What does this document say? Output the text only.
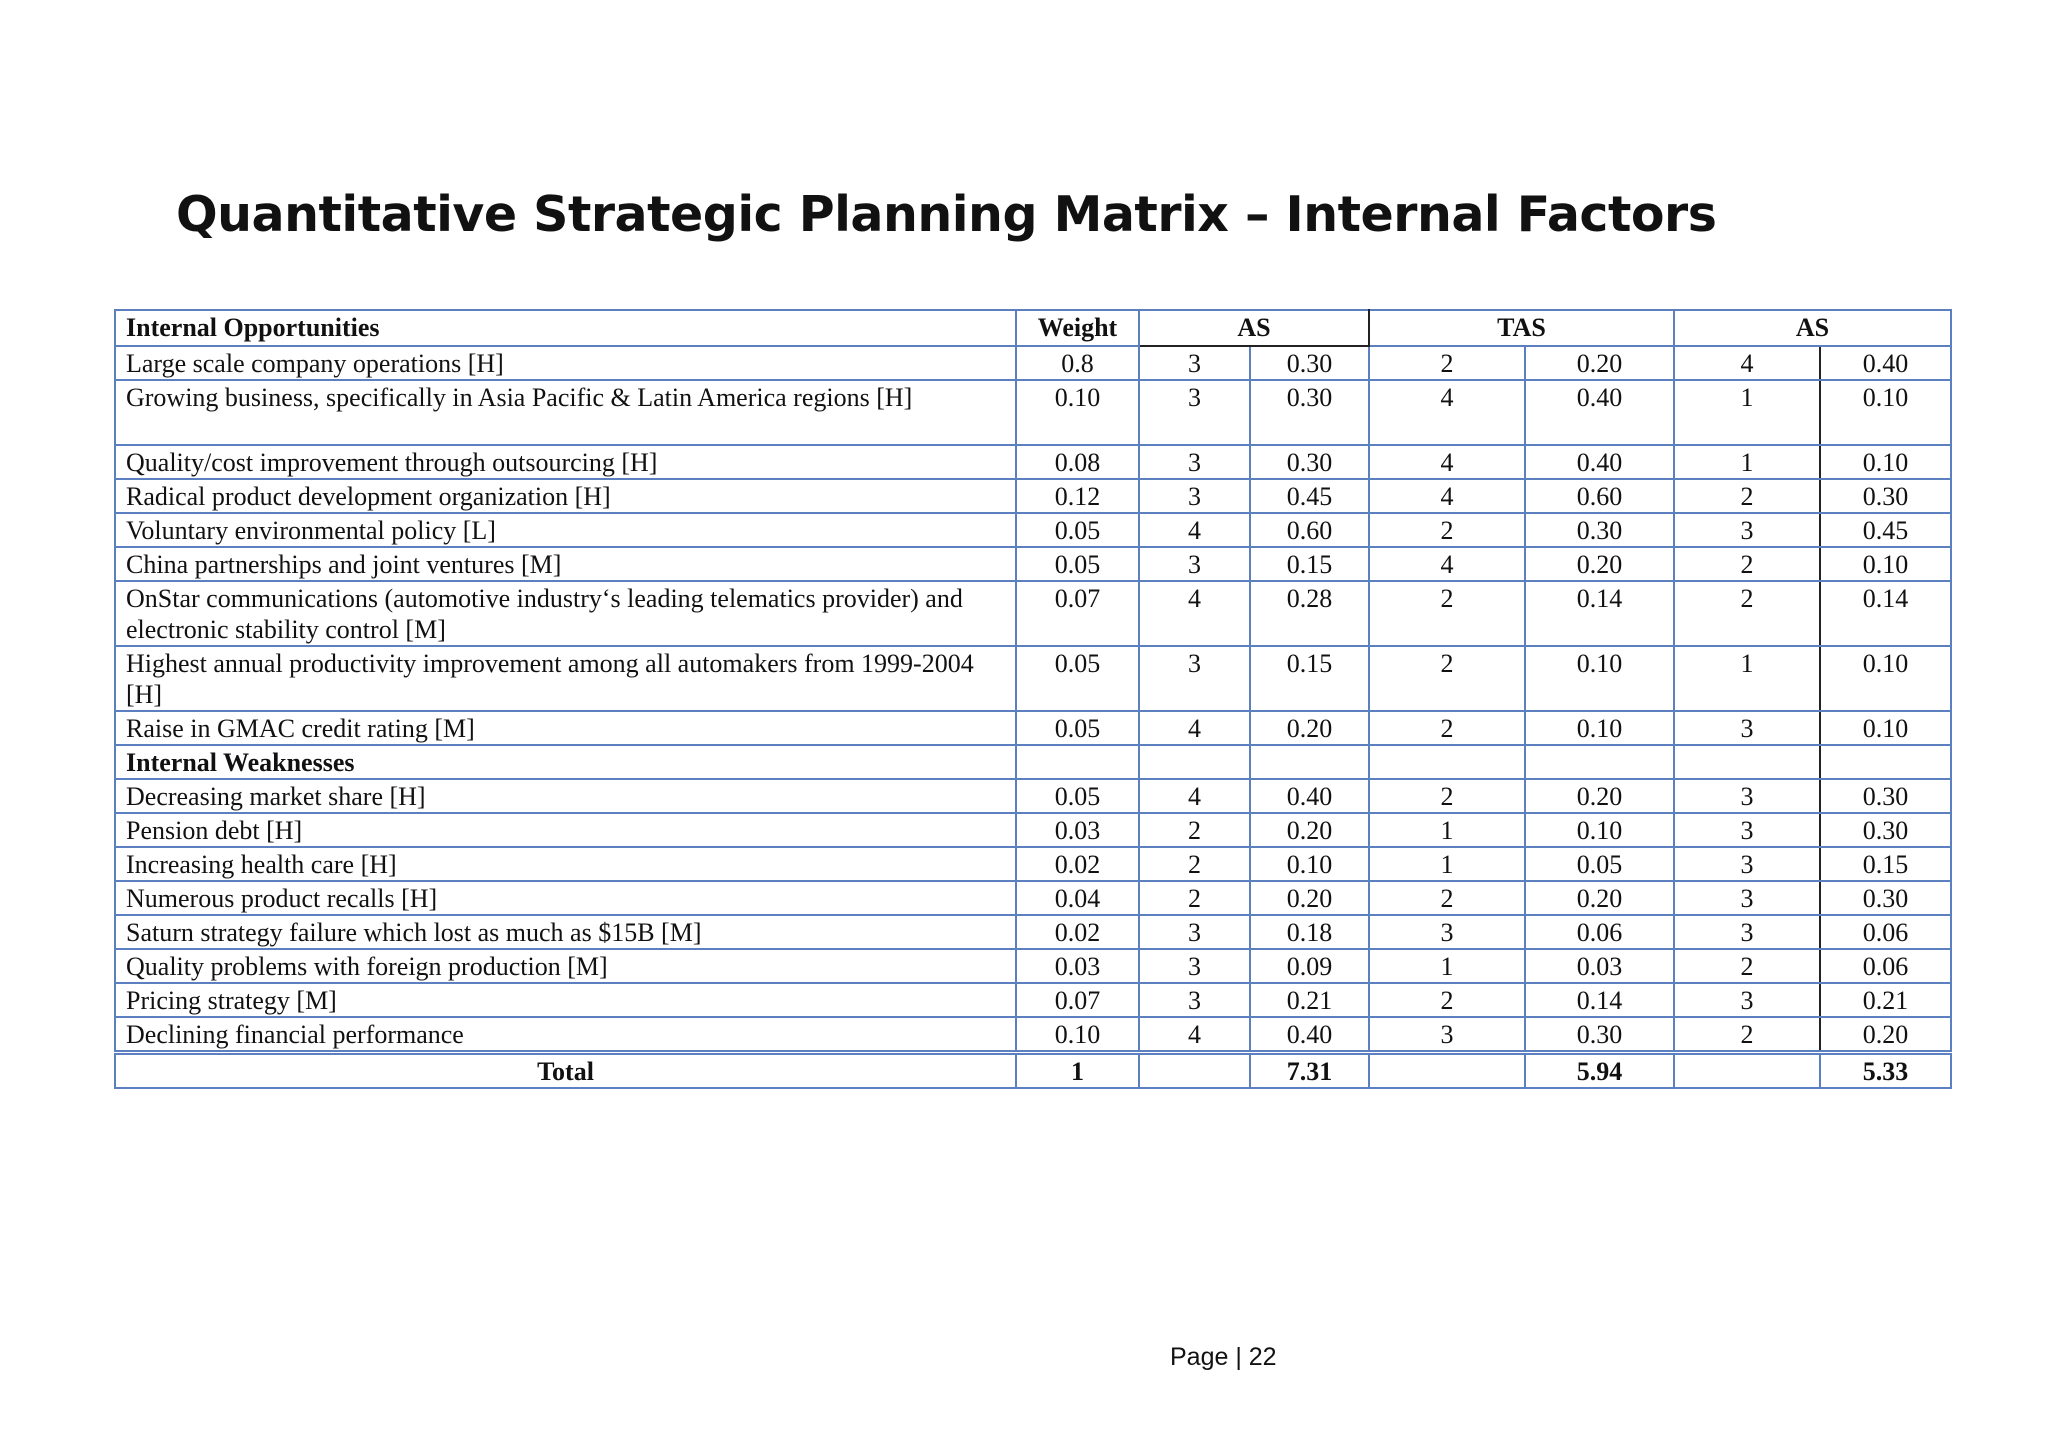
Quantitative Strategic Planning Matrix – Internal Factors
Internal Opportunities	Weight	AS		TAS		AS	
Large scale company operations [H]	0.8	3	0.30	2	0.20	4	0.40
Growing business, specifically in Asia Pacific & Latin America regions [H]	0.10	3	0.30	4	0.40	1	0.10
Quality/cost improvement through outsourcing [H]	0.08	3	0.30	4	0.40	1	0.10
Radical product development organization [H]	0.12	3	0.45	4	0.60	2	0.30
Voluntary environmental policy [L]	0.05	4	0.60	2	0.30	3	0.45
China partnerships and joint ventures [M]	0.05	3	0.15	4	0.20	2	0.10
OnStar communications (automotive industry‘s leading telematics provider) and electronic stability control [M]	0.07	4	0.28	2	0.14	2	0.14
Highest annual productivity improvement among all automakers from 1999-2004 [H]	0.05	3	0.15	2	0.10	1	0.10
Raise in GMAC credit rating [M]	0.05	4	0.20	2	0.10	3	0.10
Internal Weaknesses							
Decreasing market share [H]	0.05	4	0.40	2	0.20	3	0.30
Pension debt [H]	0.03	2	0.20	1	0.10	3	0.30
Increasing health care [H]	0.02	2	0.10	1	0.05	3	0.15
Numerous product recalls [H]	0.04	2	0.20	2	0.20	3	0.30
Saturn strategy failure which lost as much as $15B [M]	0.02	3	0.18	3	0.06	3	0.06
Quality problems with foreign production [M]	0.03	3	0.09	1	0.03	2	0.06
Pricing strategy [M]	0.07	3	0.21	2	0.14	3	0.21
Declining financial performance	0.10	4	0.40	3	0.30	2	0.20
Total	1		7.31		5.94		5.33
Page | 22
